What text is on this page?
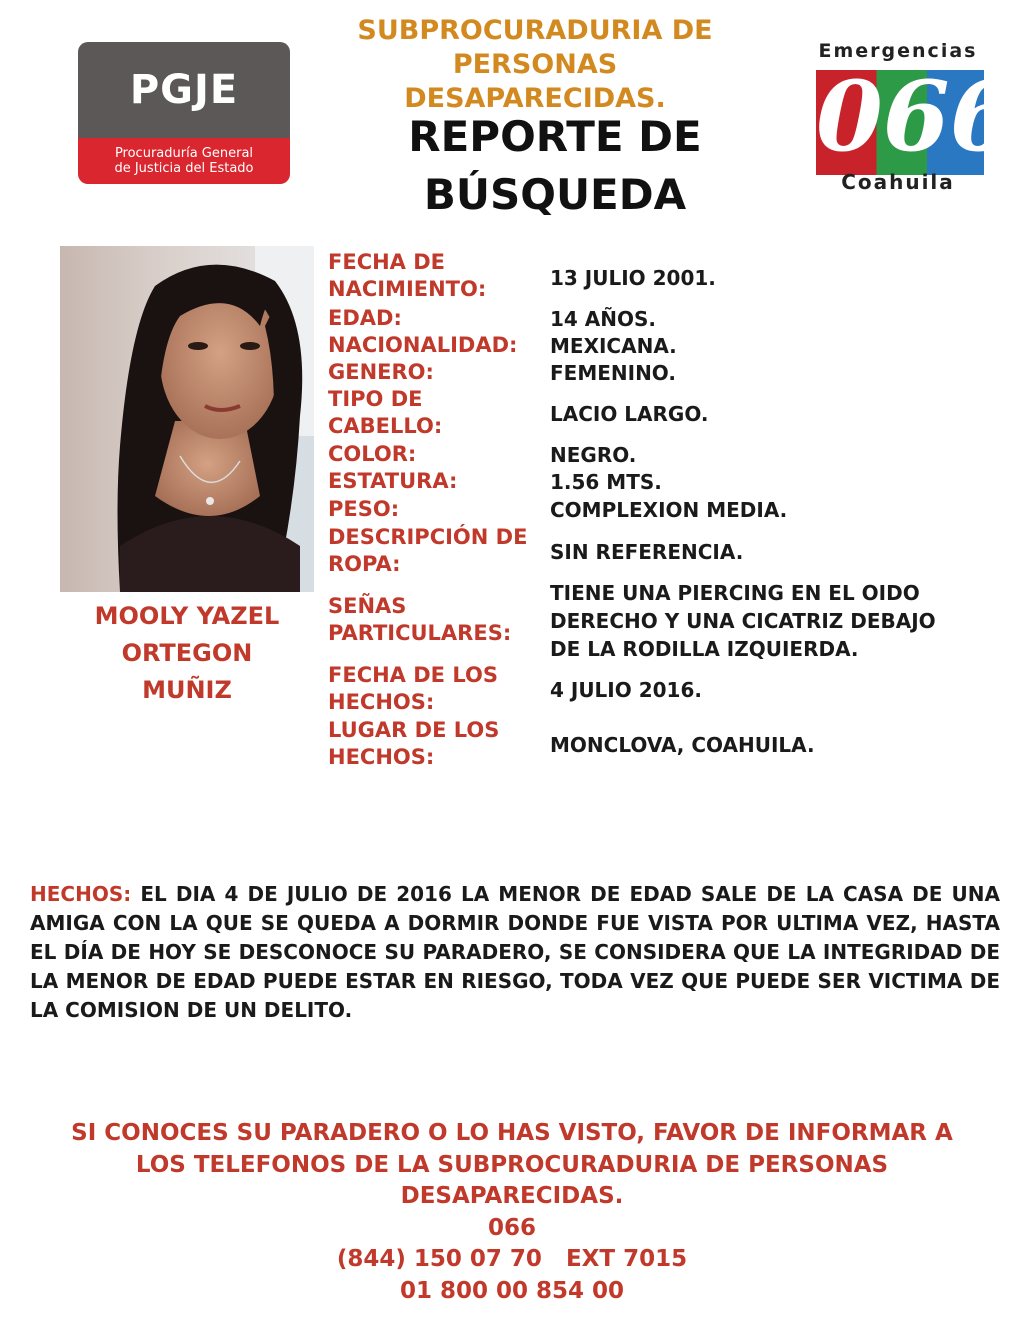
PGJE
Procuraduría General
de Justicia del Estado
SUBPROCURADURIA DE
PERSONAS DESAPARECIDAS.
REPORTE DE
BÚSQUEDA
Emergencias
066
Coahuila
MOOLY YAZEL
ORTEGON
MUÑIZ
FECHA DE
NACIMIENTO:	13 JULIO 2001.
EDAD:	14 AÑOS.
NACIONALIDAD:	MEXICANA.
GENERO:	FEMENINO.
TIPO DE
CABELLO:	LACIO LARGO.
COLOR:	NEGRO.
ESTATURA:	1.56 MTS.
PESO:	COMPLEXION MEDIA.
DESCRIPCIÓN DE
ROPA:	SIN REFERENCIA.
SEÑAS
PARTICULARES:
TIENE UNA PIERCING EN EL OIDO
DERECHO Y UNA CICATRIZ DEBAJO
DE LA RODILLA IZQUIERDA.
FECHA DE LOS
HECHOS:	4 JULIO 2016.
LUGAR DE LOS
HECHOS:	MONCLOVA, COAHUILA.
HECHOS: EL DIA 4 DE JULIO DE 2016 LA MENOR DE EDAD SALE DE LA CASA DE UNA AMIGA CON LA QUE SE QUEDA A DORMIR DONDE FUE VISTA POR ULTIMA VEZ, HASTA EL DÍA DE HOY SE DESCONOCE SU PARADERO, SE CONSIDERA QUE LA INTEGRIDAD DE LA MENOR DE EDAD PUEDE ESTAR EN RIESGO, TODA VEZ QUE PUEDE SER VICTIMA DE LA COMISION DE UN DELITO.
SI CONOCES SU PARADERO O LO HAS VISTO, FAVOR DE INFORMAR A
LOS TELEFONOS DE LA SUBPROCURADURIA DE PERSONAS
DESAPARECIDAS.
066
(844) 150 07 70   EXT 7015
01 800 00 854 00
